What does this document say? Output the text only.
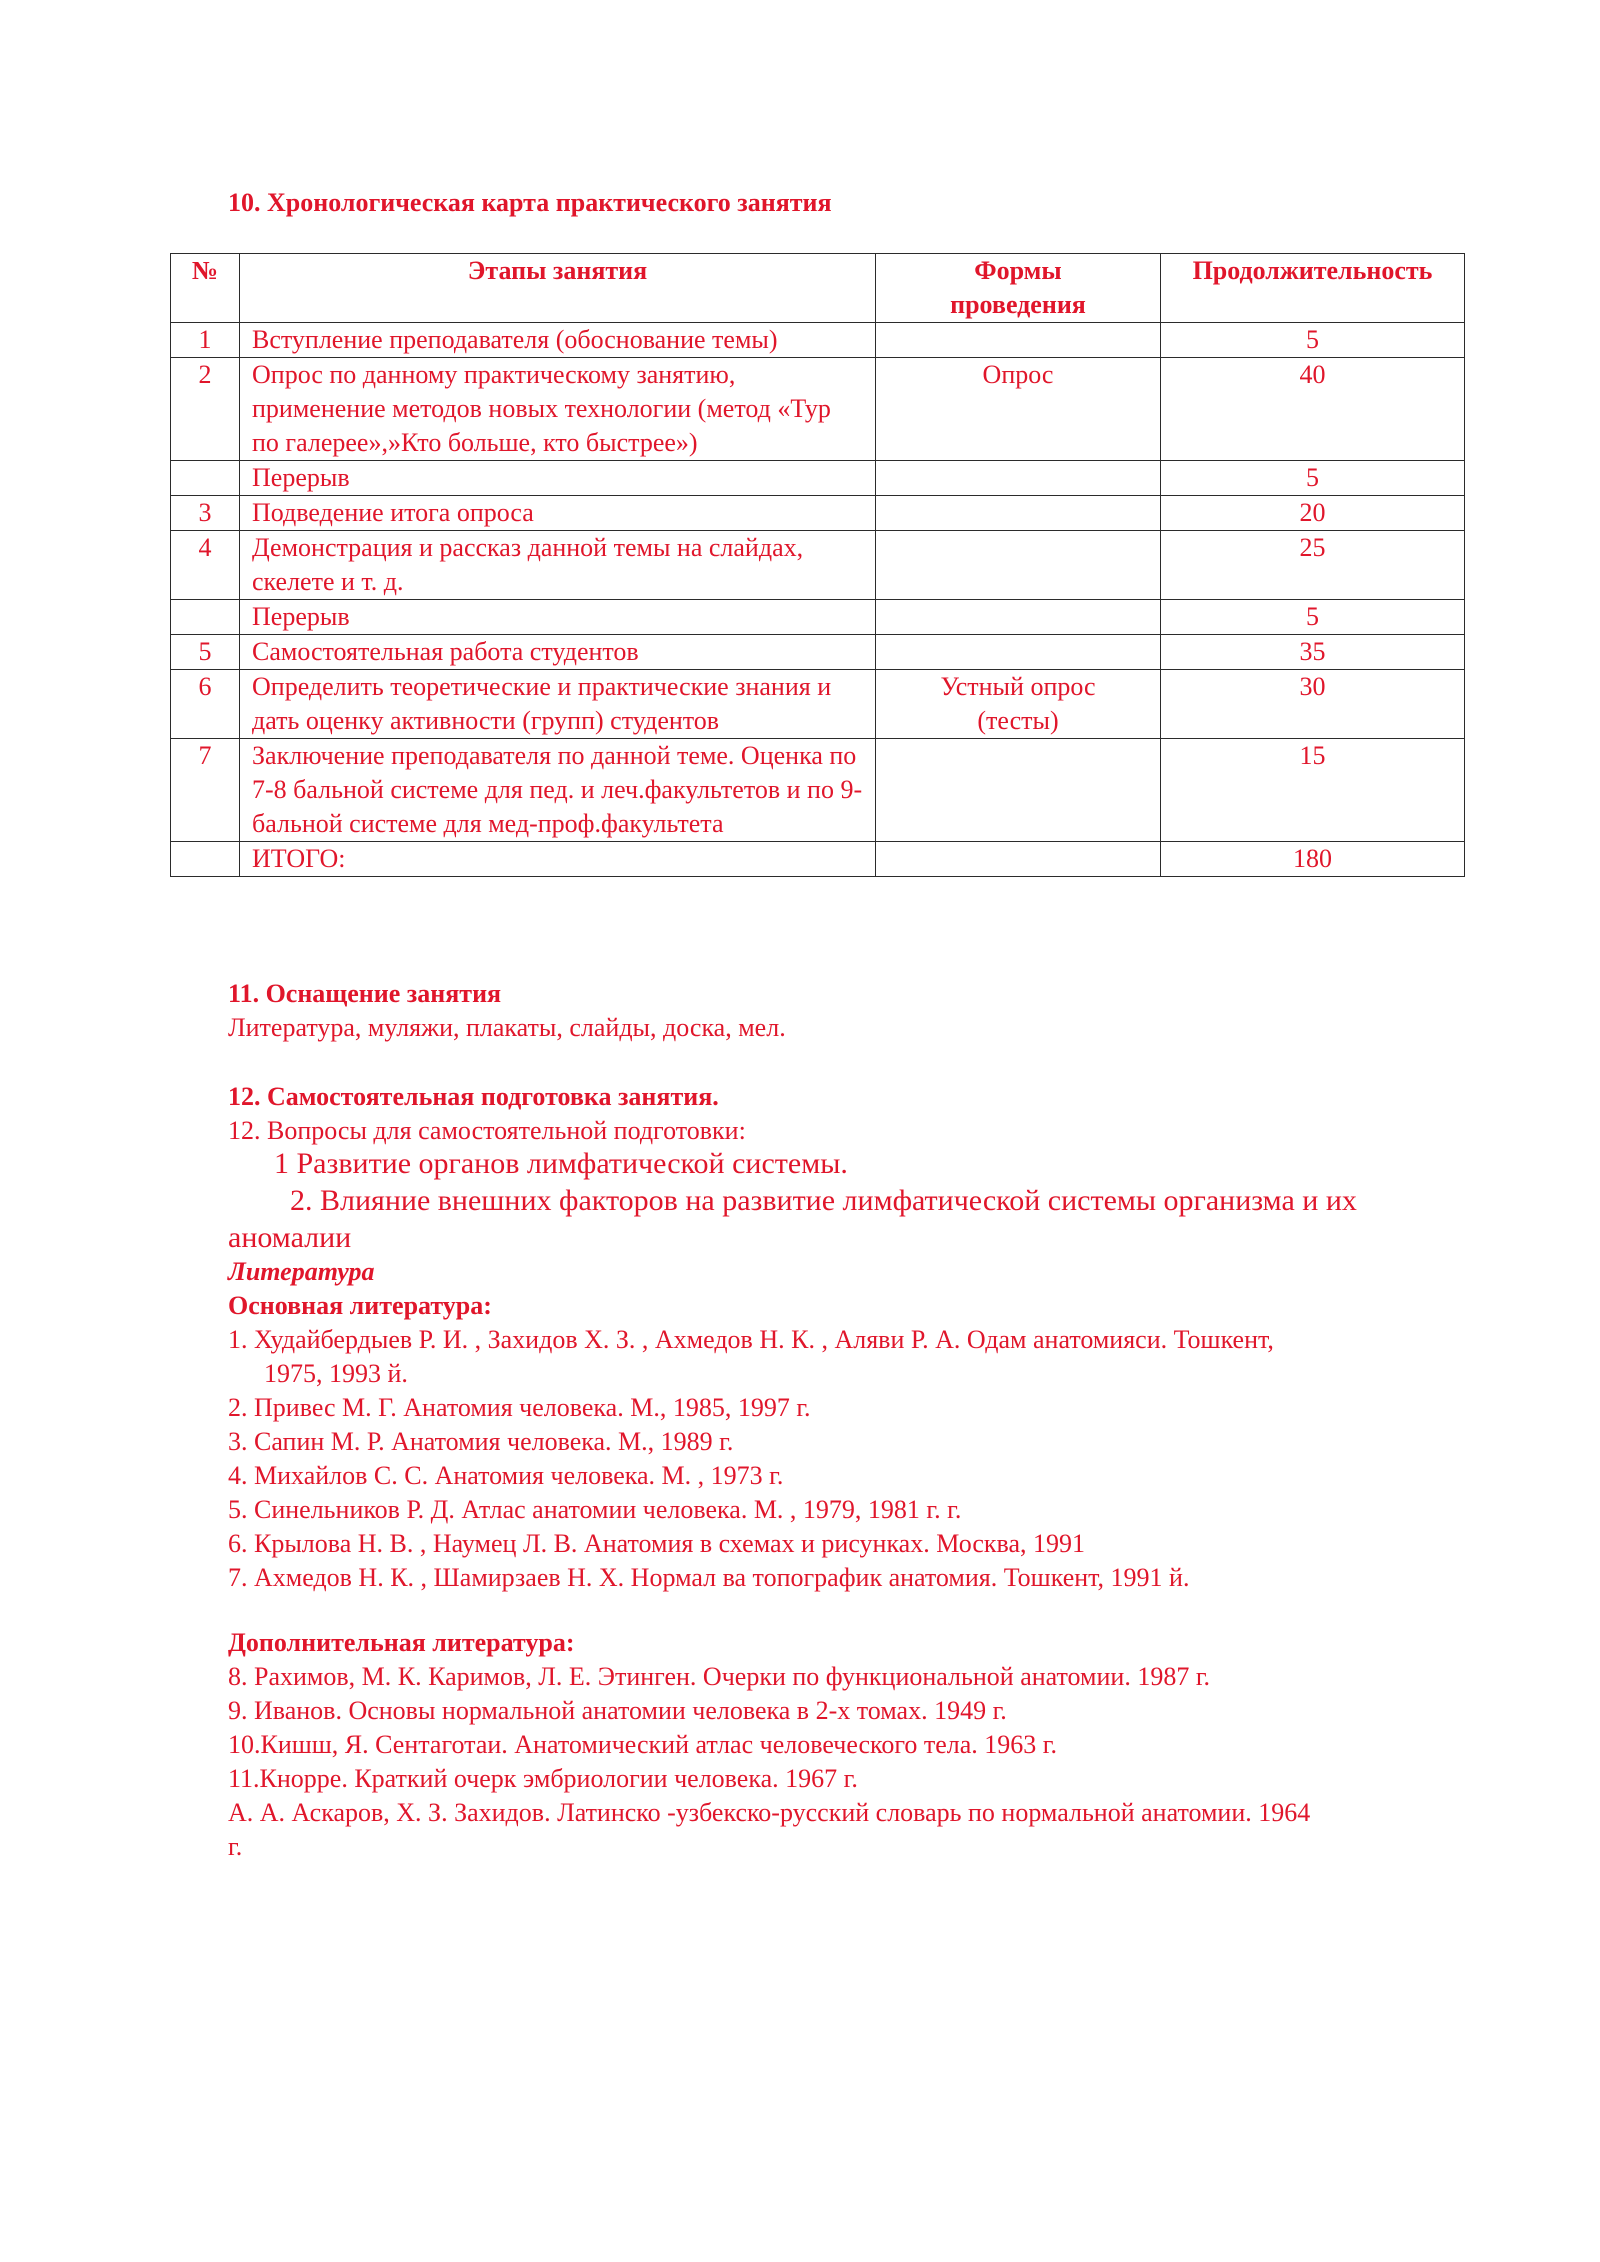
10. Хронологическая карта практического занятия
№	Этапы занятия	Формы проведения	Продолжительность
1	Вступление преподавателя (обоснование темы)		5
2	Опрос по данному практическому занятию, применение методов новых технологии (метод «Тур по галерее»,»Кто больше, кто быстрее»)	Опрос	40
	Перерыв		5
3	Подведение итога опроса		20
4	Демонстрация и рассказ данной темы на слайдах, скелете и т. д.		25
	Перерыв		5
5	Самостоятельная работа студентов		35
6	Определить теоретические и практические знания и дать оценку активности (групп) студентов	Устный опрос (тесты)	30
7	Заключение преподавателя по данной теме. Оценка по 7-8 бальной системе для пед. и леч.факультетов и по 9-бальной системе для мед-проф.факультета		15
	ИТОГО:		180
11. Оснащение занятия
Литература, муляжи, плакаты, слайды, доска, мел.
12. Самостоятельная подготовка занятия.
12. Вопросы для самостоятельной подготовки:
1 Развитие органов лимфатической системы.
2. Влияние внешних факторов на развитие лимфатической системы организма и их
аномалии
Литература
Основная литература:
1. Худайбердыев Р. И. , Захидов Х. З. , Ахмедов Н. К. , Аляви Р. А. Одам анатомияси. Тошкент,
1975, 1993 й.
2. Привес М. Г. Анатомия человека. М., 1985, 1997 г.
3. Сапин М. Р. Анатомия человека. М., 1989 г.
4. Михайлов С. С. Анатомия человека. М. , 1973 г.
5. Синельников Р. Д. Атлас анатомии человека. М. , 1979, 1981 г. г.
6. Крылова Н. В. , Наумец Л. В. Анатомия в схемах и рисунках. Москва, 1991
7. Ахмедов Н. К. , Шамирзаев Н. Х. Нормал ва топографик анатомия. Тошкент, 1991 й.
Дополнительная литература:
8. Рахимов, М. К. Каримов, Л. Е. Этинген. Очерки по функциональной анатомии. 1987 г.
9. Иванов. Основы нормальной анатомии человека в 2-х томах. 1949 г.
10.Кишш, Я. Сентаготаи. Анатомический атлас человеческого тела. 1963 г.
11.Кнорре. Краткий очерк эмбриологии человека. 1967 г.
А. А. Аскаров, Х. З. Захидов. Латинско -узбекско-русский словарь по нормальной анатомии. 1964
г.
